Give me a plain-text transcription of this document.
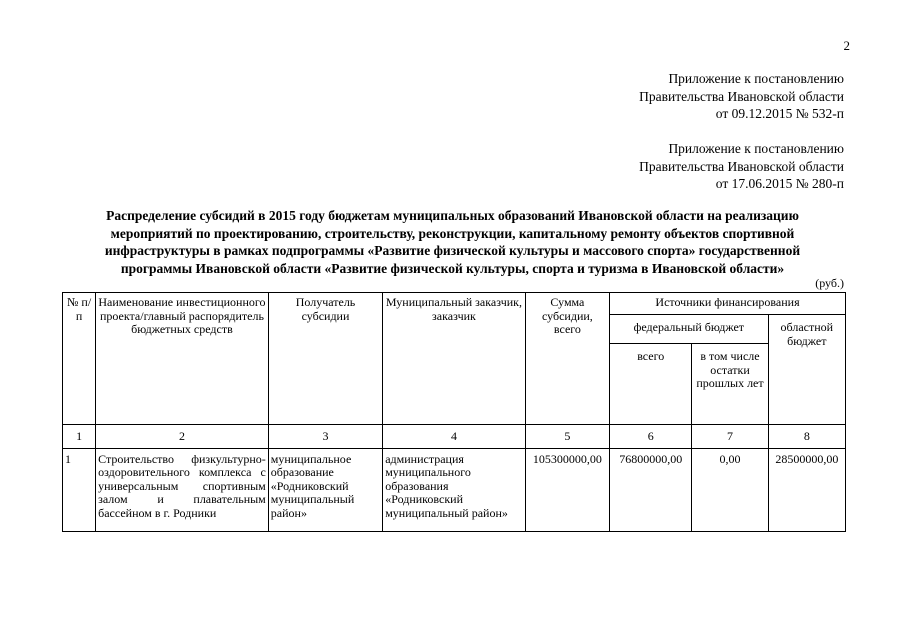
2
Приложение к постановлению
Правительства Ивановской области
от 09.12.2015 № 532-п
Приложение к постановлению
Правительства Ивановской области
от 17.06.2015 № 280-п
Распределение субсидий в 2015 году бюджетам муниципальных образований Ивановской области на реализацию
мероприятий по проектированию, строительству, реконструкции, капитальному ремонту объектов спортивной
инфраструктуры в рамках подпрограммы «Развитие физической культуры и массового спорта» государственной
программы Ивановской области «Развитие физической культуры, спорта и туризма в Ивановской области»
(руб.)
№ п/п	Наименование инвестиционного проекта/главный распорядитель бюджетных средств	Получатель субсидии	Муниципальный заказчик, заказчик	Сумма субсидии, всего	Источники финансирования		
					федеральный бюджет		областной бюджет
					всего	в том числе остатки прошлых лет	
1	2	3	4	5	6	7	8
1	Строительство физкультурно-оздоровительного комплекса с универсальным спортивным залом и плавательным бассейном в г. Родники	муниципальное образование «Родниковский муниципальный район»	администрация муниципального образования «Родниковский муниципальный район»	105300000,00	76800000,00	0,00	28500000,00
